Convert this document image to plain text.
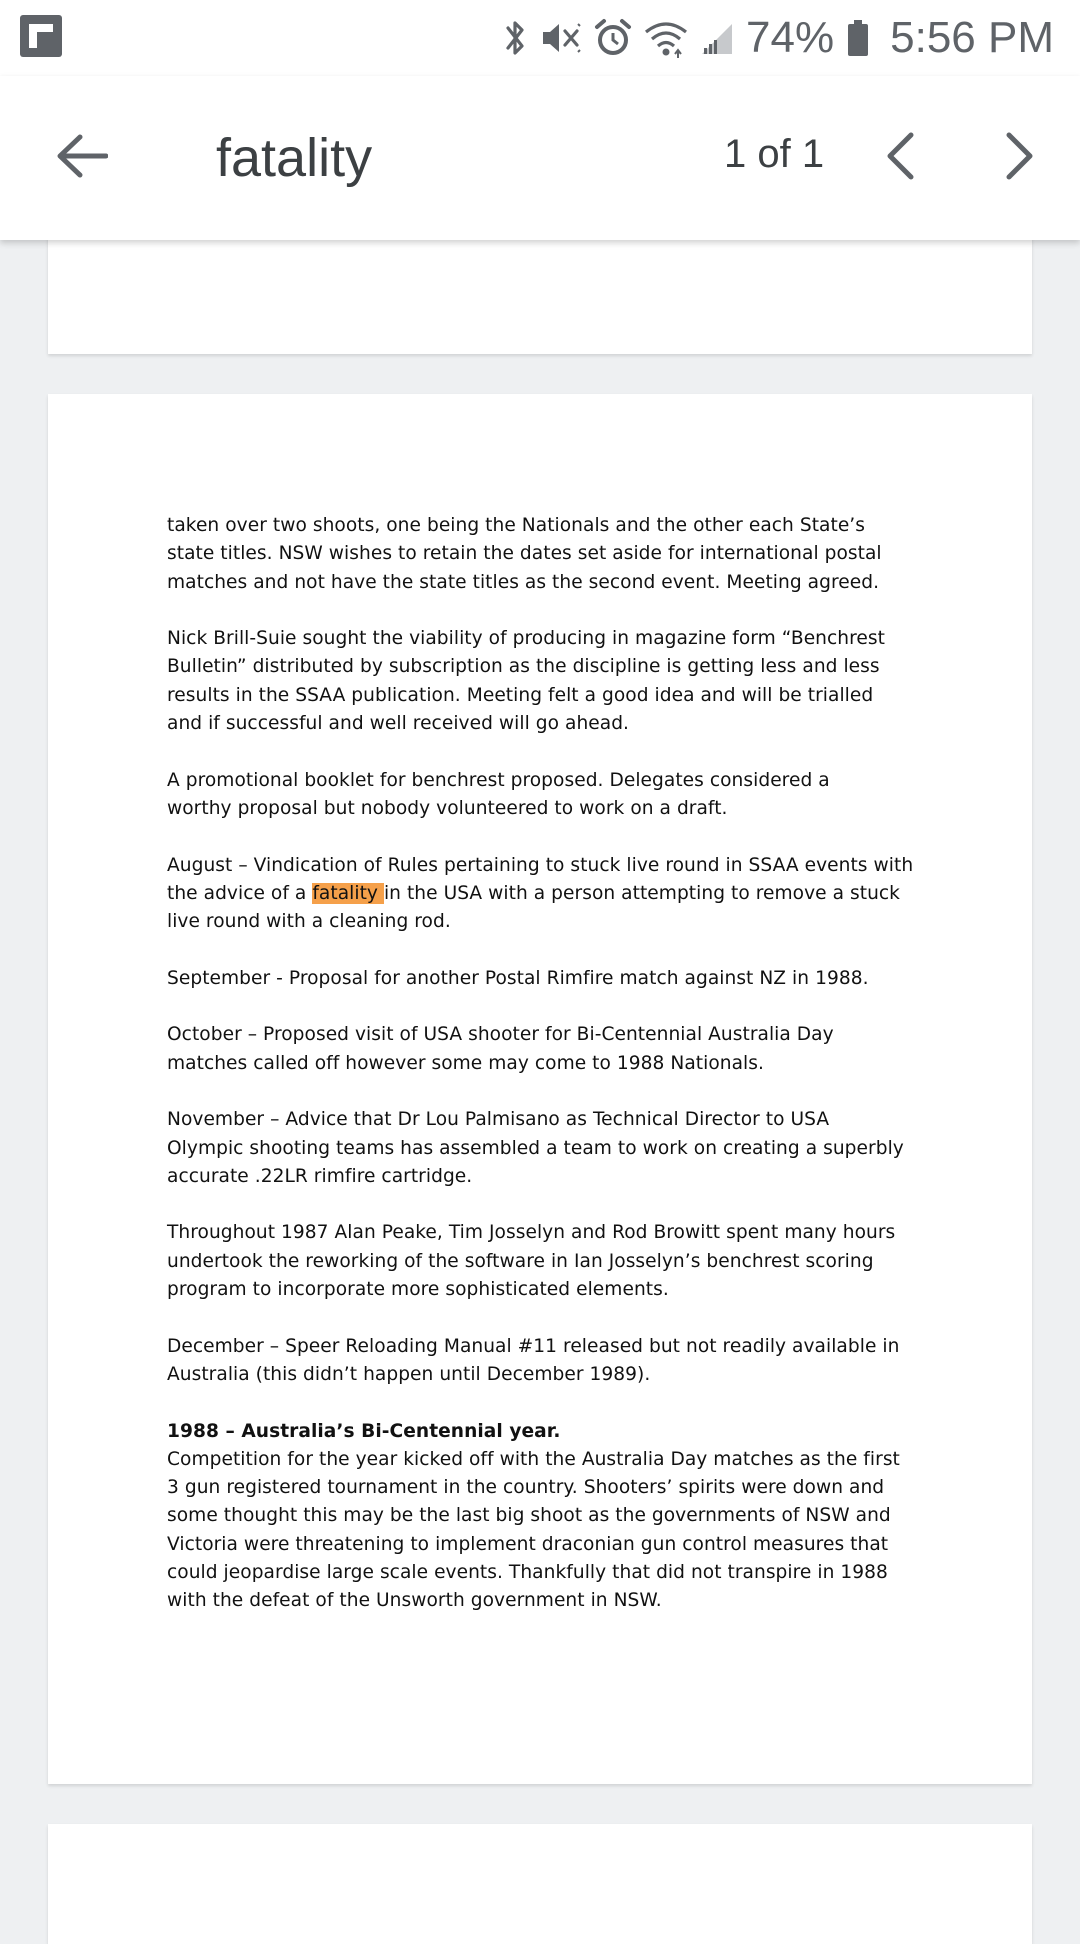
74% 5:56 PM
fatality
1 of 1

taken over two shoots, one being the Nationals and the other each State’s
state titles. NSW wishes to retain the dates set aside for international postal
matches and not have the state titles as the second event. Meeting agreed.

Nick Brill-Suie sought the viability of producing in magazine form “Benchrest
Bulletin” distributed by subscription as the discipline is getting less and less
results in the SSAA publication. Meeting felt a good idea and will be trialled
and if successful and well received will go ahead.

A promotional booklet for benchrest proposed. Delegates considered a
worthy proposal but nobody volunteered to work on a draft.

August – Vindication of Rules pertaining to stuck live round in SSAA events with
the advice of a fatality in the USA with a person attempting to remove a stuck
live round with a cleaning rod.

September - Proposal for another Postal Rimfire match against NZ in 1988.

October – Proposed visit of USA shooter for Bi-Centennial Australia Day
matches called off however some may come to 1988 Nationals.

November – Advice that Dr Lou Palmisano as Technical Director to USA
Olympic shooting teams has assembled a team to work on creating a superbly
accurate .22LR rimfire cartridge.

Throughout 1987 Alan Peake, Tim Josselyn and Rod Browitt spent many hours
undertook the reworking of the software in Ian Josselyn’s benchrest scoring
program to incorporate more sophisticated elements.

December – Speer Reloading Manual #11 released but not readily available in
Australia (this didn’t happen until December 1989).

1988 – Australia’s Bi-Centennial year.

Competition for the year kicked off with the Australia Day matches as the first
3 gun registered tournament in the country. Shooters’ spirits were down and
some thought this may be the last big shoot as the governments of NSW and
Victoria were threatening to implement draconian gun control measures that
could jeopardise large scale events. Thankfully that did not transpire in 1988
with the defeat of the Unsworth government in NSW.
